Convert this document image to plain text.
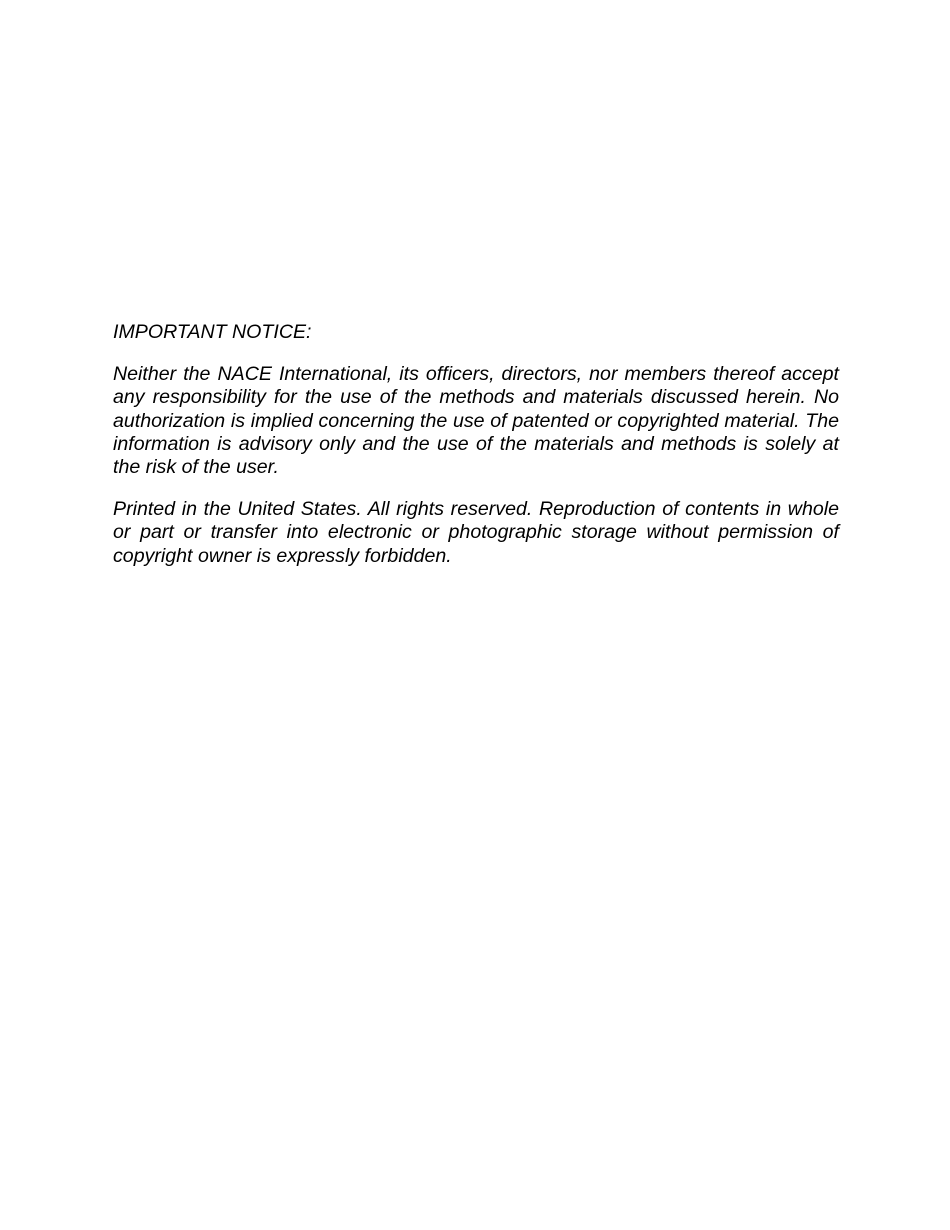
IMPORTANT NOTICE:

Neither the NACE International, its officers, directors, nor members thereof accept any responsibility for the use of the methods and materials discussed herein. No authorization is implied concerning the use of patented or copyrighted material. The information is advisory only and the use of the materials and methods is solely at the risk of the user.

Printed in the United States. All rights reserved. Reproduction of contents in whole or part or transfer into electronic or photographic storage without permission of copyright owner is expressly forbidden.
